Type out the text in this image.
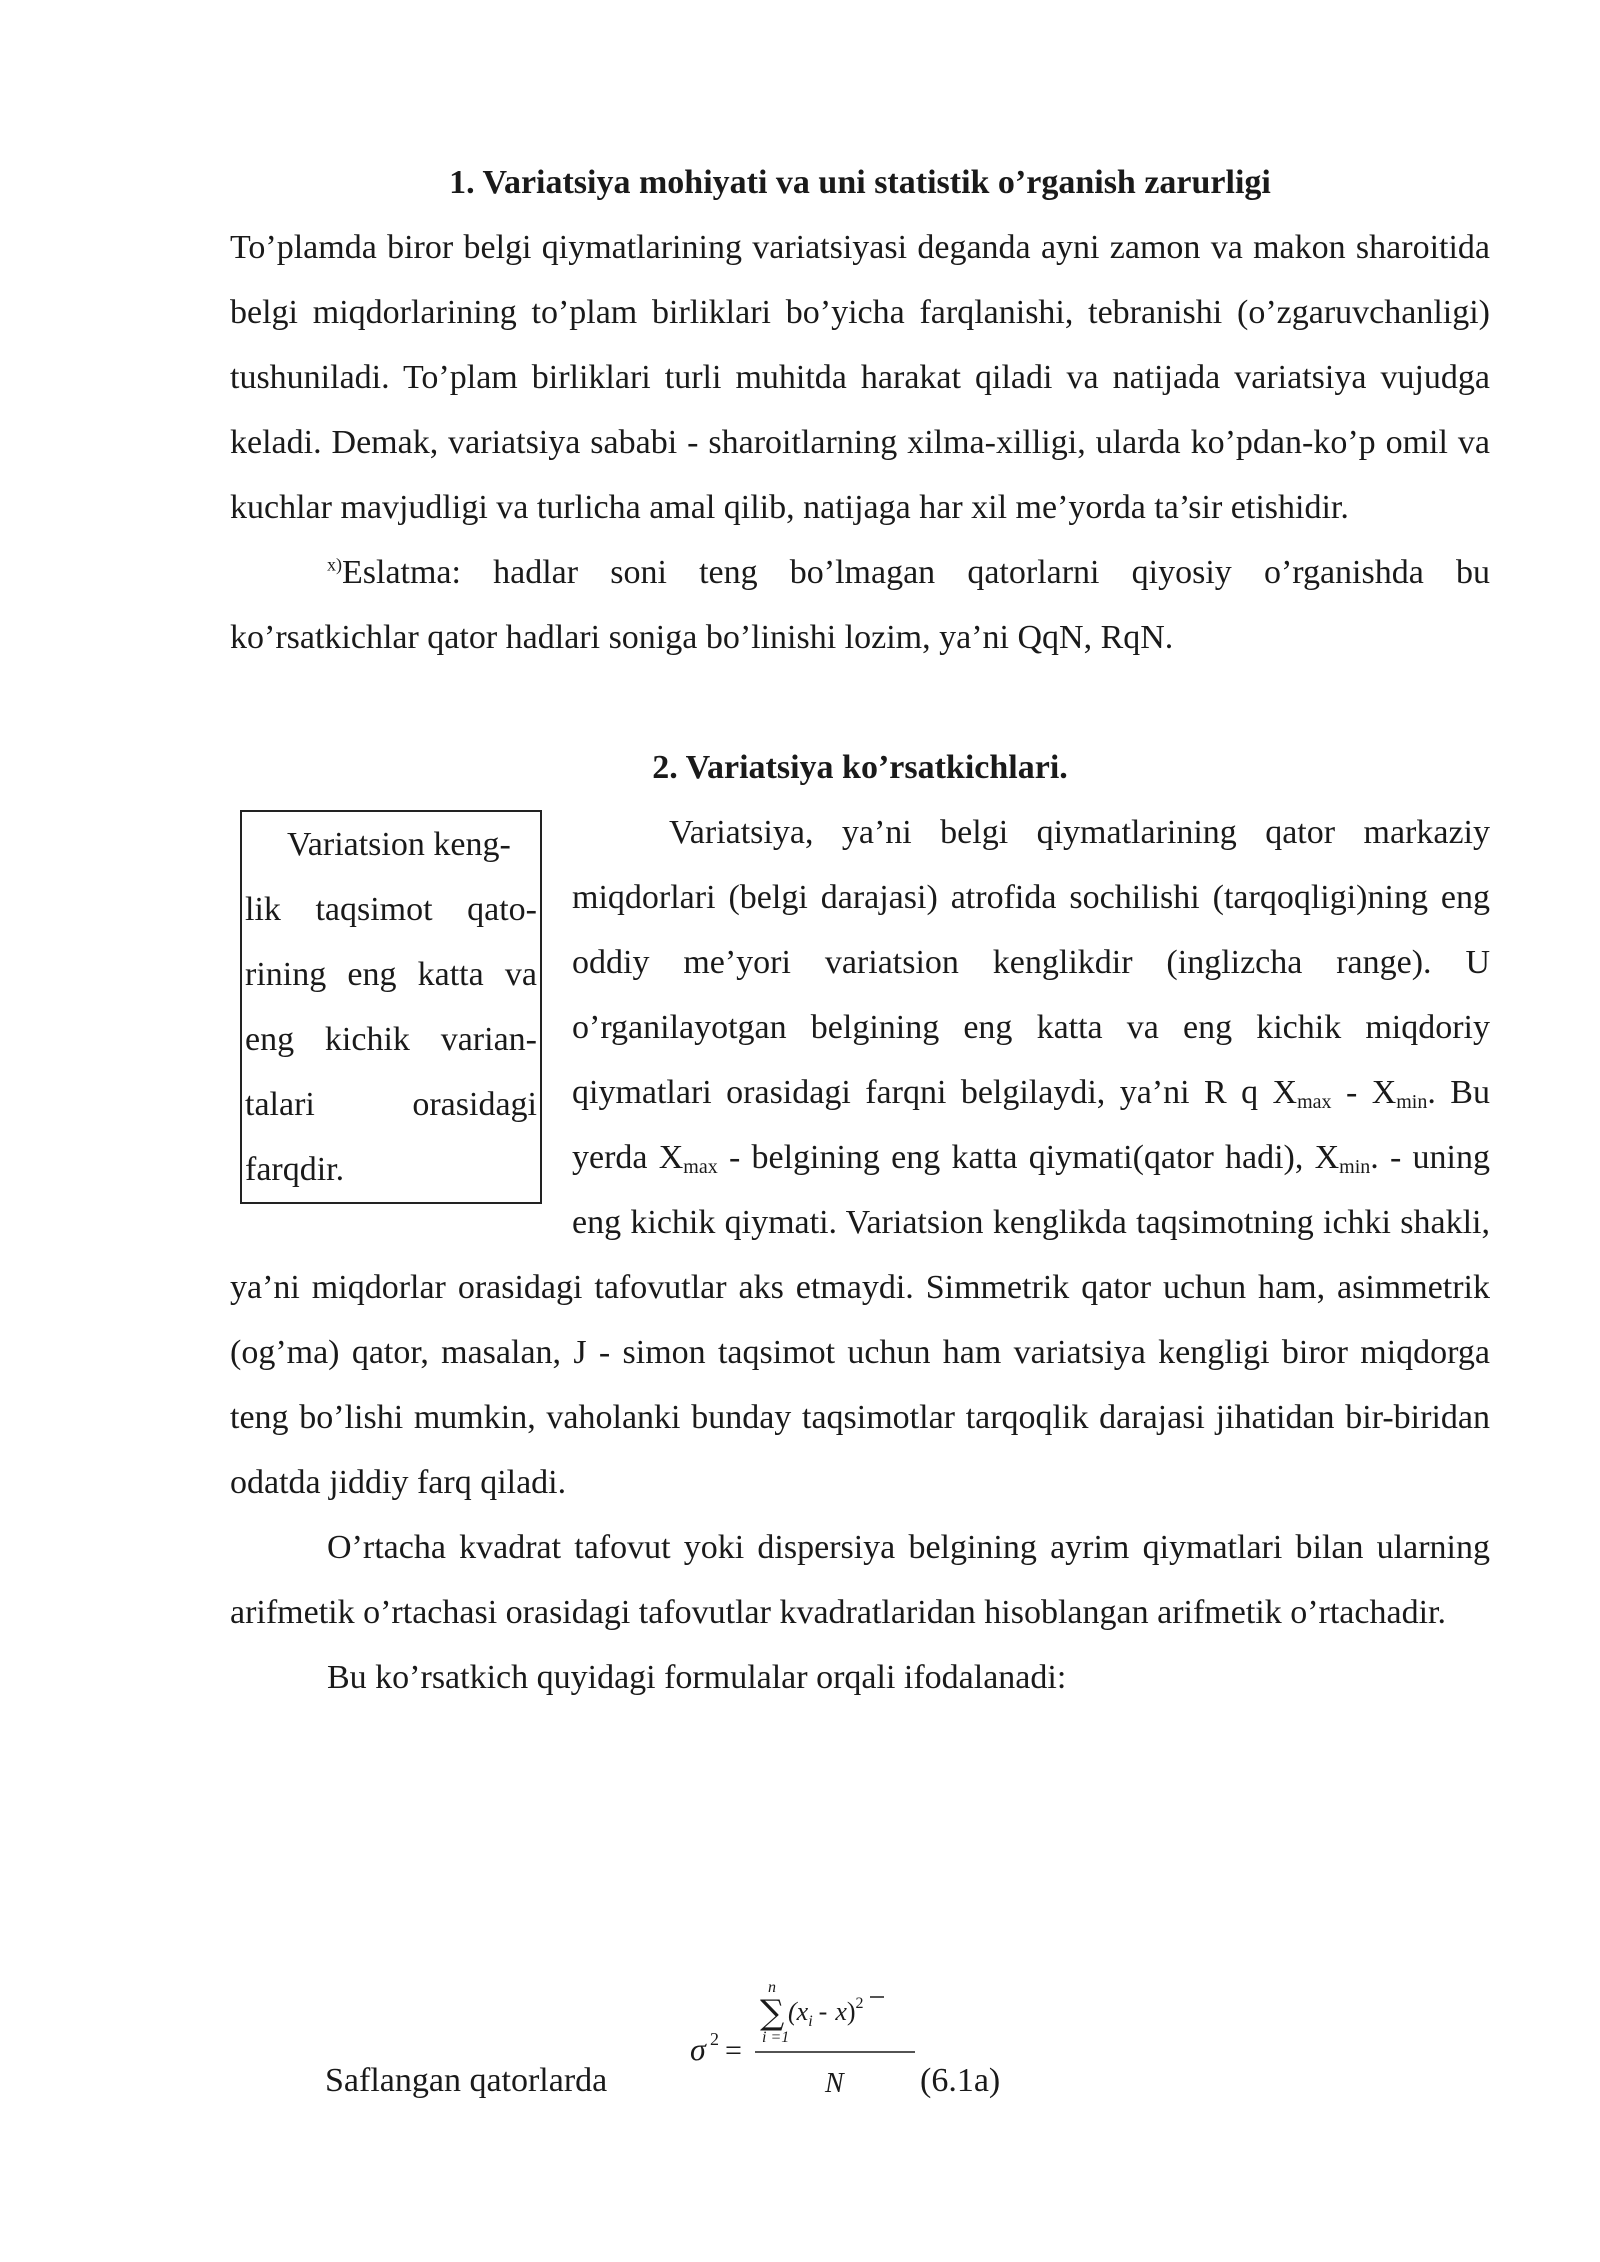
1. Variatsiya mohiyati va uni statistik o’rganish zarurligi

To’plamda biror belgi qiymatlarining variatsiyasi deganda ayni zamon va makon sharoitida belgi miqdorlarining to’plam birliklari bo’yicha farqlanishi, tebranishi (o’zgaruvchanligi) tushuniladi. To’plam birliklari turli muhitda harakat qiladi va natijada variatsiya vujudga keladi. Demak, variatsiya sababi - sharoitlarning xilma-xilligi, ularda ko’pdan-ko’p omil va kuchlar mavjudligi va turlicha amal qilib, natijaga har xil me’yorda ta’sir etishidir.

$^{x)}$Eslatma: hadlar soni teng bo’lmagan qatorlarni qiyosiy o’rganishda bu ko’rsatkichlar qator hadlari soniga bo’linishi lozim, ya’ni QqN, RqN.

2. Variatsiya ko’rsatkichlari.
Variatsion keng-
lik taqsimot qato-rining eng katta va eng kichik varian-talari orasidagi farqdir.

Variatsiya, ya’ni belgi qiymatlarining qator markaziy miqdorlari (belgi darajasi) atrofida sochilishi (tarqoqligi)ning eng oddiy me’yori variatsion kenglikdir (inglizcha range). U o’rganilayotgan belgining eng katta va eng kichik miqdoriy qiymatlari orasidagi farqni belgilaydi, ya’ni R q $X_{max} - X_{min}$. Bu yerda $X_{max}$ - belgining eng katta qiymati(qator hadi), $X_{min}$. - uning eng kichik qiymati. Variatsion kenglikda taqsimotning ichki shakli, ya’ni miqdorlar orasidagi tafovutlar aks etmaydi. Simmetrik qator uchun ham, asimmetrik (og’ma) qator, masalan, J - simon taqsimot uchun ham variatsiya kengligi biror miqdorga teng bo’lishi mumkin, vaholanki bunday taqsimotlar tarqoqlik darajasi jihatidan bir-biridan odatda jiddiy farq qiladi.

O’rtacha kvadrat tafovut yoki dispersiya belgining ayrim qiymatlari bilan ularning arifmetik o’rtachasi orasidagi tafovutlar kvadratlaridan hisoblangan arifmetik o’rtachadir.

Bu ko’rsatkich quyidagi formulalar orqali ifodalanadi:

Saflangan qatorlarda
σ 2 =
n
∑
i =1
$(x_i - x)^2$
N (6.1a)
